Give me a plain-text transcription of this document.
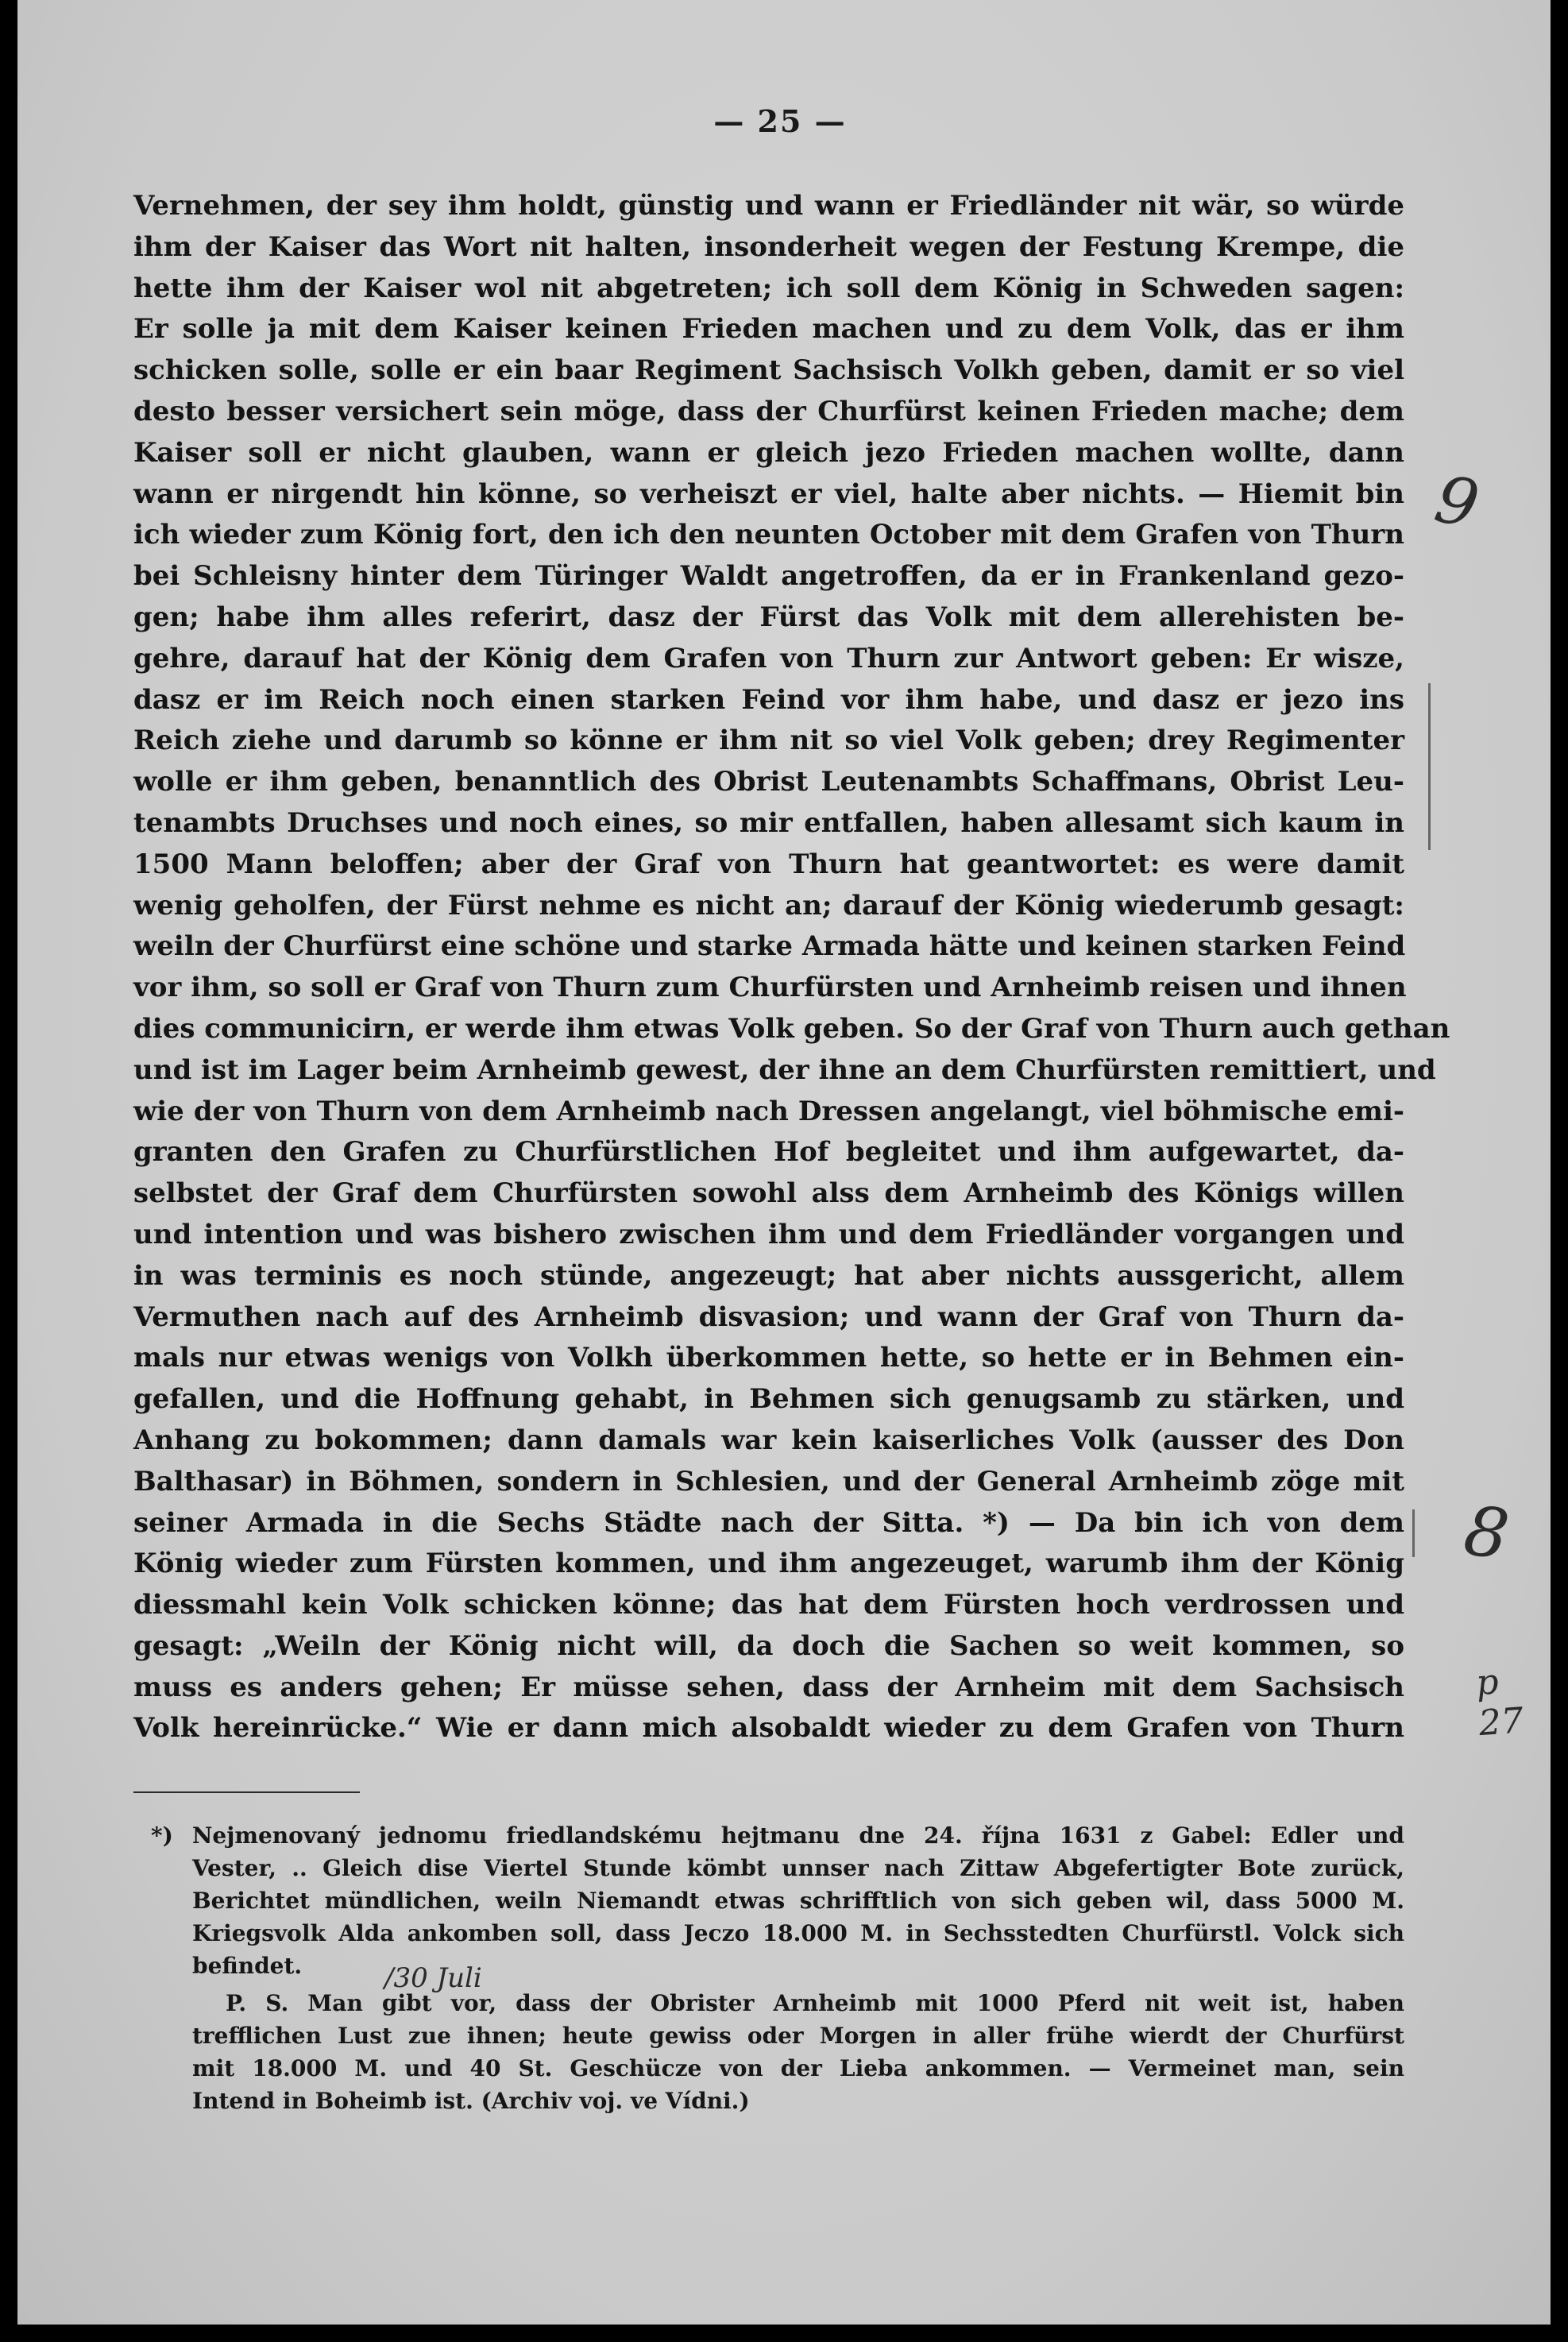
— 25 —
Vernehmen, der sey ihm holdt, günstig und wann er Friedländer nit wär, so würde
ihm der Kaiser das Wort nit halten, insonderheit wegen der Festung Krempe, die
hette ihm der Kaiser wol nit abgetreten; ich soll dem König in Schweden sagen:
Er solle ja mit dem Kaiser keinen Frieden machen und zu dem Volk, das er ihm
schicken solle, solle er ein baar Regiment Sachsisch Volkh geben, damit er so viel
desto besser versichert sein möge, dass der Churfürst keinen Frieden mache; dem
Kaiser soll er nicht glauben, wann er gleich jezo Frieden machen wollte, dann
wann er nirgendt hin könne, so verheiszt er viel, halte aber nichts. — Hiemit bin
ich wieder zum König fort, den ich den neunten October mit dem Grafen von Thurn
bei Schleisny hinter dem Türinger Waldt angetroffen, da er in Frankenland gezo-
gen; habe ihm alles referirt, dasz der Fürst das Volk mit dem allerehisten be-
gehre, darauf hat der König dem Grafen von Thurn zur Antwort geben: Er wisze,
dasz er im Reich noch einen starken Feind vor ihm habe, und dasz er jezo ins
Reich ziehe und darumb so könne er ihm nit so viel Volk geben; drey Regimenter
wolle er ihm geben, benanntlich des Obrist Leutenambts Schaffmans, Obrist Leu-
tenambts Druchses und noch eines, so mir entfallen, haben allesamt sich kaum in
1500 Mann beloffen; aber der Graf von Thurn hat geantwortet: es were damit
wenig geholfen, der Fürst nehme es nicht an; darauf der König wiederumb gesagt:
weiln der Churfürst eine schöne und starke Armada hätte und keinen starken Feind
vor ihm, so soll er Graf von Thurn zum Churfürsten und Arnheimb reisen und ihnen
dies communicirn, er werde ihm etwas Volk geben. So der Graf von Thurn auch gethan
und ist im Lager beim Arnheimb gewest, der ihne an dem Churfürsten remittiert, und
wie der von Thurn von dem Arnheimb nach Dressen angelangt, viel böhmische emi-
granten den Grafen zu Churfürstlichen Hof begleitet und ihm aufgewartet, da-
selbstet der Graf dem Churfürsten sowohl alss dem Arnheimb des Königs willen
und intention und was bishero zwischen ihm und dem Friedländer vorgangen und
in was terminis es noch stünde, angezeugt; hat aber nichts aussgericht, allem
Vermuthen nach auf des Arnheimb disvasion; und wann der Graf von Thurn da-
mals nur etwas wenigs von Volkh überkommen hette, so hette er in Behmen ein-
gefallen, und die Hoffnung gehabt, in Behmen sich genugsamb zu stärken, und
Anhang zu bokommen; dann damals war kein kaiserliches Volk (ausser des Don
Balthasar) in Böhmen, sondern in Schlesien, und der General Arnheimb zöge mit
seiner Armada in die Sechs Städte nach der Sitta. *) — Da bin ich von dem
König wieder zum Fürsten kommen, und ihm angezeuget, warumb ihm der König
diessmahl kein Volk schicken könne; das hat dem Fürsten hoch verdrossen und
gesagt: „Weiln der König nicht will, da doch die Sachen so weit kommen, so
muss es anders gehen; Er müsse sehen, dass der Arnheim mit dem Sachsisch
Volk hereinrücke.“ Wie er dann mich alsobaldt wieder zu dem Grafen von Thurn
*) Nejmenovaný jednomu friedlandskému hejtmanu dne 24. října 1631 z Gabel: Edler und
Vester, .. Gleich dise Viertel Stunde kömbt unnser nach Zittaw Abgefertigter Bote zurück,
Berichtet mündlichen, weiln Niemandt etwas schrifftlich von sich geben wil, dass 5000 M.
Kriegsvolk Alda ankomben soll, dass Jeczo 18.000 M. in Sechsstedten Churfürstl. Volck sich
befindet.
P. S. Man gibt vor, dass der Obrister Arnheimb mit 1000 Pferd nit weit ist, haben
trefflichen Lust zue ihnen; heute gewiss oder Morgen in aller frühe wierdt der Churfürst
mit 18.000 M. und 40 St. Geschücze von der Lieba ankommen. — Vermeinet man, sein
Intend in Boheimb ist. (Archiv voj. ve Vídni.)
9
8
p 27
/30 Juli
